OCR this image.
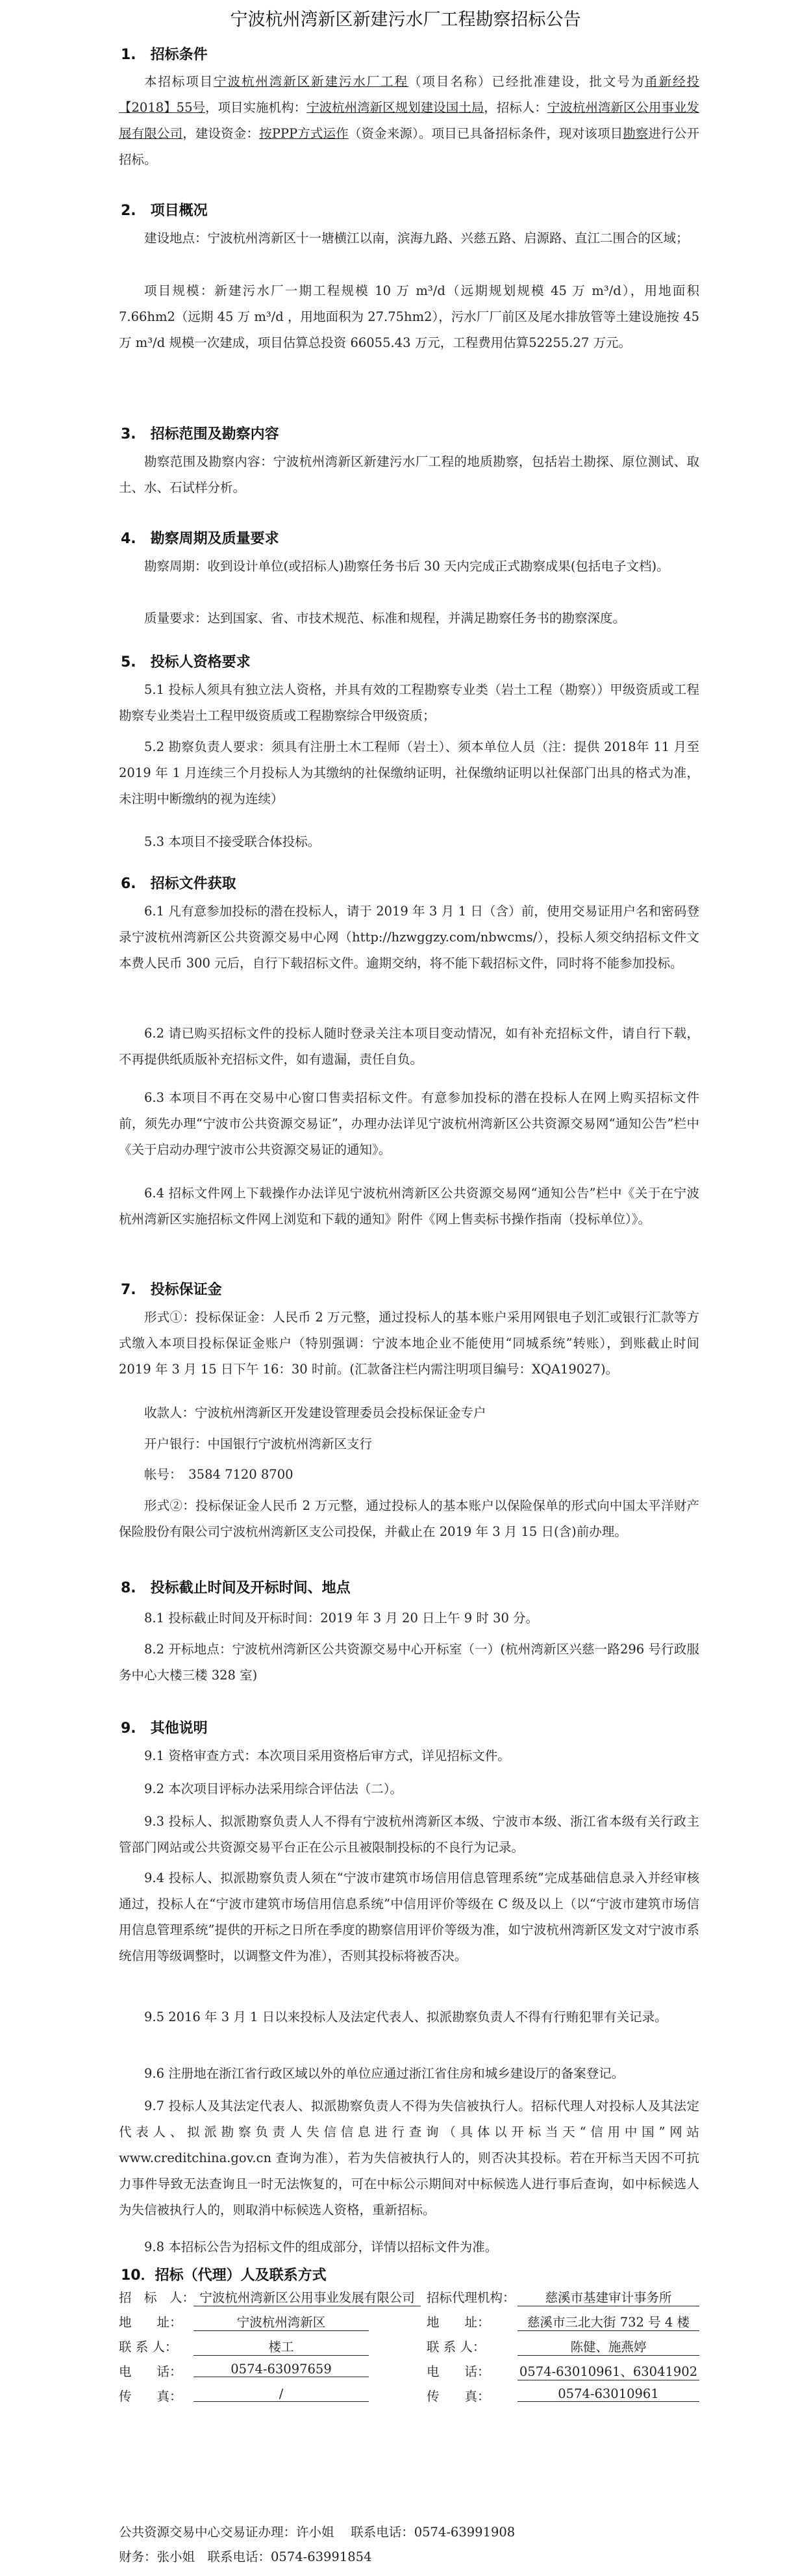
宁波杭州湾新区新建污水厂工程勘察招标公告
1.　招标条件
本招标项目宁波杭州湾新区新建污水厂工程（项目名称）已经批准建设，批文号为甬新经投【2018】55号，项目实施机构：宁波杭州湾新区规划建设国土局，招标人：宁波杭州湾新区公用事业发展有限公司，建设资金：按PPP方式运作（资金来源）。项目已具备招标条件，现对该项目勘察进行公开招标。
2.　项目概况
建设地点：宁波杭州湾新区十一塘横江以南，滨海九路、兴慈五路、启源路、直江二围合的区域；
项目规模：新建污水厂一期工程规模 10 万 m³/d（远期规划规模 45 万 m³/d），用地面积 7.66hm2（远期 45 万 m³/d ，用地面积为 27.75hm2），污水厂厂前区及尾水排放管等土建设施按 45 万 m³/d 规模一次建成，项目估算总投资 66055.43 万元，工程费用估算52255.27 万元。
3.　招标范围及勘察内容
勘察范围及勘察内容：宁波杭州湾新区新建污水厂工程的地质勘察，包括岩土勘探、原位测试、取土、水、石试样分析。
4.　勘察周期及质量要求
勘察周期：收到设计单位(或招标人)勘察任务书后 30 天内完成正式勘察成果(包括电子文档)。
质量要求：达到国家、省、市技术规范、标准和规程，并满足勘察任务书的勘察深度。
5.　投标人资格要求
5.1 投标人须具有独立法人资格，并具有效的工程勘察专业类（岩土工程（勘察））甲级资质或工程勘察专业类岩土工程甲级资质或工程勘察综合甲级资质；
5.2 勘察负责人要求：须具有注册土木工程师（岩土）、须本单位人员（注：提供 2018年 11 月至 2019 年 1 月连续三个月投标人为其缴纳的社保缴纳证明，社保缴纳证明以社保部门出具的格式为准，未注明中断缴纳的视为连续）
5.3 本项目不接受联合体投标。
6.　招标文件获取
6.1 凡有意参加投标的潜在投标人，请于 2019 年 3 月 1 日（含）前，使用交易证用户名和密码登录宁波杭州湾新区公共资源交易中心网（http://hzwggzy.com/nbwcms/），投标人须交纳招标文件文本费人民币 300 元后，自行下载招标文件。逾期交纳，将不能下载招标文件，同时将不能参加投标。
6.2 请已购买招标文件的投标人随时登录关注本项目变动情况，如有补充招标文件，请自行下载，不再提供纸质版补充招标文件，如有遗漏，责任自负。
6.3 本项目不再在交易中心窗口售卖招标文件。有意参加投标的潜在投标人在网上购买招标文件前，须先办理“宁波市公共资源交易证”，办理办法详见宁波杭州湾新区公共资源交易网“通知公告”栏中《关于启动办理宁波市公共资源交易证的通知》。
6.4 招标文件网上下载操作办法详见宁波杭州湾新区公共资源交易网“通知公告”栏中《关于在宁波杭州湾新区实施招标文件网上浏览和下载的通知》附件《网上售卖标书操作指南（投标单位）》。
7.　投标保证金
形式①：投标保证金：人民币 2 万元整，通过投标人的基本账户采用网银电子划汇或银行汇款等方式缴入本项目投标保证金账户（特别强调：宁波本地企业不能使用“同城系统”转账），到账截止时间 2019 年 3 月 15 日下午 16：30 时前。(汇款备注栏内需注明项目编号：XQA19027)。
收款人：宁波杭州湾新区开发建设管理委员会投标保证金专户
开户银行：中国银行宁波杭州湾新区支行
帐号：　3584 7120 8700
形式②：投标保证金人民币 2 万元整，通过投标人的基本账户以保险保单的形式向中国太平洋财产保险股份有限公司宁波杭州湾新区支公司投保，并截止在 2019 年 3 月 15 日(含)前办理。
8.　投标截止时间及开标时间、地点
8.1 投标截止时间及开标时间：2019 年 3 月 20 日上午 9 时 30 分。
8.2 开标地点：宁波杭州湾新区公共资源交易中心开标室（一）(杭州湾新区兴慈一路296 号行政服务中心大楼三楼 328 室)
9.　其他说明
9.1 资格审查方式：本次项目采用资格后审方式，详见招标文件。
9.2 本次项目评标办法采用综合评估法（二）。
9.3 投标人、拟派勘察负责人人不得有宁波杭州湾新区本级、宁波市本级、浙江省本级有关行政主管部门网站或公共资源交易平台正在公示且被限制投标的不良行为记录。
9.4 投标人、拟派勘察负责人须在“宁波市建筑市场信用信息管理系统”完成基础信息录入并经审核通过，投标人在“宁波市建筑市场信用信息系统”中信用评价等级在 C 级及以上（以“宁波市建筑市场信用信息管理系统”提供的开标之日所在季度的勘察信用评价等级为准，如宁波杭州湾新区发文对宁波市系统信用等级调整时，以调整文件为准），否则其投标将被否决。
9.5 2016 年 3 月 1 日以来投标人及法定代表人、拟派勘察负责人不得有行贿犯罪有关记录。
9.6 注册地在浙江省行政区域以外的单位应通过浙江省住房和城乡建设厅的备案登记。
9.7 投标人及其法定代表人、拟派勘察负责人不得为失信被执行人。招标代理人对投标人及其法定代表人、拟派勘察负责人失信信息进行查询（具体以开标当天“信用中国”网站www.creditchina.gov.cn 查询为准），若为失信被执行人的，则否决其投标。若在开标当天因不可抗力事件导致无法查询且一时无法恢复的，可在中标公示期间对中标候选人进行事后查询，如中标候选人为失信被执行人的，则取消中标候选人资格，重新招标。
9.8 本招标公告为招标文件的组成部分，详情以招标文件为准。
10．招标（代理）人及联系方式
招　标　人： 宁波杭州湾新区公用事业发展有限公司 招标代理机构：	慈溪市基建审计事务所
地　　址：	宁波杭州湾新区	地　　址：	慈溪市三北大街 732 号 4 楼
联 系 人：	楼工	联 系 人：	陈健、施燕婷
电　　话：	0574-63097659	电　　话： 0574-63010961、63041902
传　　真：	/	传　　真：	0574-63010961
公共资源交易中心交易证办理：许小姐　 联系电话：0574-63991908
财务：张小姐　联系电话：0574-63991854
